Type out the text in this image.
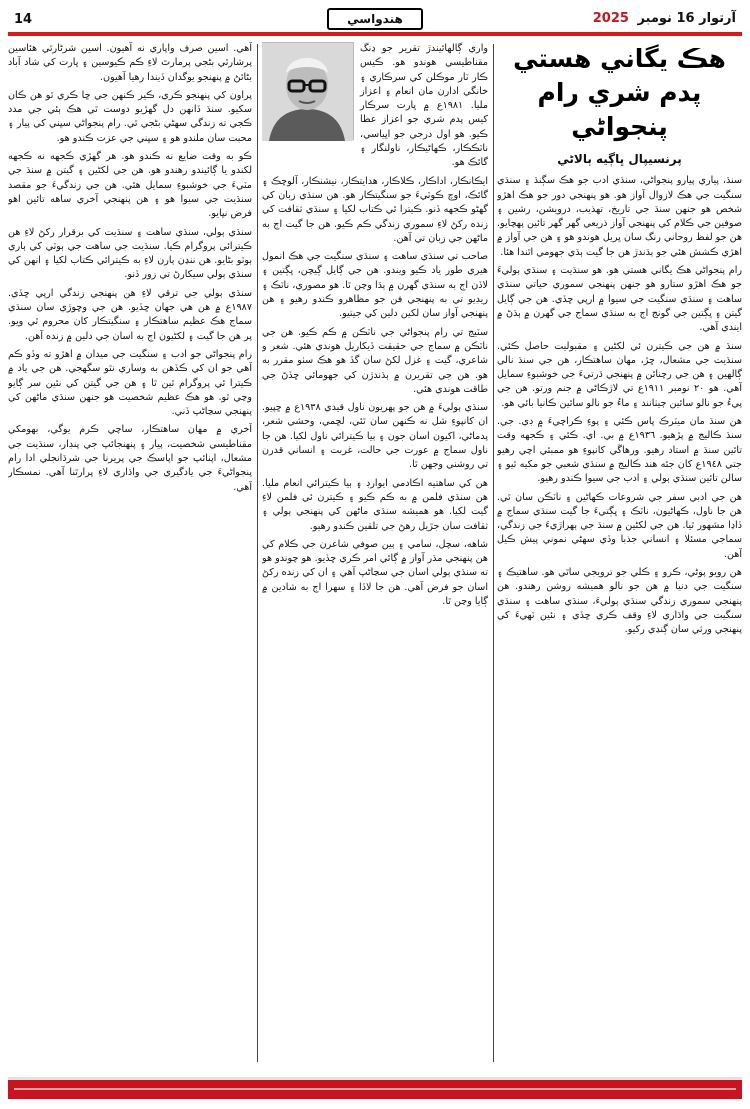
14	هندواسي	آرتوار 16 نومبر 2025
هڪ يگاني هستي پدم شري رام پنجواڻي
پرنسيپال ڀاڳيه ٻالاڻي

سنڌ، پياري پيارو پنجواڻي، سنڌي ادب جو هڪ سڳنڌ ۽ سنڌي سنگيت جي هڪ لازوال آواز هو. هو پنهنجي دور جو هڪ اهڙو شخص هو جنهن سنڌ جي تاريخ، تهذيب، درويشن، رشين ۽ صوفين جي ڪلام کي پنهنجي آواز ذريعي گهر گهر تائين پهچايو. هن جو لفظ روحاني رنگ سان ڀريل هوندو هو ۽ هن جي آواز ۾ اهڙي ڪشش هئي جو ٻڌندڙ هن جا گيت ٻڌي جهومي اٿندا هئا.

رام پنجواڻي هڪ يگاني هستي هو. هو سنڌيت ۽ سنڌي ٻوليءَ جو هڪ اهڙو ستارو هو جنهن پنهنجي سموري حياتي سنڌي ساهت ۽ سنڌي سنگيت جي سيوا ۾ ارپي ڇڏي. هن جي ڳايل گيتن ۽ ڀڳتين جي گونج اڄ به سنڌي سماج جي گهرن ۾ ٻڌڻ ۾ ايندي آهي.

سنڌ ۾ هن جي ڪيترن ئي لکڻين ۽ مقبوليت حاصل ڪئي. سنڌيت جي مشعال، ڇڙ، مهان ساهتڪار، هن جي سنڌ نالي ڳالهين ۽ هن جي رچنائن ۾ پنهنجي ڌرتيءَ جي خوشبوءِ سمايل آهي. هو ٢٠ نومبر ١٩١١ع تي لاڙڪاڻي ۾ جنم ورتو. هن جي پيءُ جو نالو سائين ڄيٺانند ۽ ماءُ جو نالو سائين ڪانيا بائي هو.

هن سنڌ مان ميٽرڪ پاس ڪئي ۽ پوءِ ڪراچيءَ ۾ ڊي. جي. سنڌ ڪاليج ۾ پڙهيو. ١٩٣٦ع ۾ بي. اي. ڪئي ۽ ڪجهه وقت تائين سنڌ ۾ استاد رهيو. ورهاڱي کانپوءِ هو ممبئي اچي رهيو جتي ١٩٤٨ع کان جئه هند ڪاليج ۾ سنڌي شعبي جو مکيه ٿيو ۽ سالن تائين سنڌي ٻولي ۽ ادب جي سيوا ڪندو رهيو.

هن جي ادبي سفر جي شروعات ڪهاڻين ۽ ناٽڪن سان ٿي. هن جا ناول، ڪهاڻيون، ناٽڪ ۽ ڀڳتيءَ جا گيت سنڌي سماج ۾ ڏاڍا مشهور ٿيا. هن جي لکڻين ۾ سنڌ جي ٻهراڙيءَ جي زندگي، سماجي مسئلا ۽ انساني جذبا وڏي سهڻي نموني پيش ڪيل آهن.

هن رويو پوڻي، ڪرو ۽ ڪلي جو ترويجي ساٿي هو. ساهتيڪ ۽ سنگيت جي دنيا ۾ هن جو نالو هميشه روشن رهندو. هن پنهنجي سموري زندگي سنڌي ٻوليءَ، سنڌي ساهت ۽ سنڌي سنگيت جي واڌاري لاءِ وقف ڪري ڇڏي ۽ نئين ٽهيءَ کي پنهنجي ورثي سان ڳنڍي رکيو.

واري ڳالهائيندڙ تقرير جو ڍنگ مقناطيسي هوندو هو. ڪيس ڪار ٽار موڪلن کي سرڪاري ۽ خانگي ادارن مان انعام ۽ اعزاز مليا. ١٩٨١ع ۾ ڀارت سرڪار کيس پدم شري جو اعزاز عطا ڪيو. هو اول درجي جو اڀياسي، ناٽڪڪار، ڪهاڻيڪار، ناولنگار ۽ گائڪ هو.

ايڪانڪار، اداڪار، ڪلاڪار، هدايتڪار، نيشنڪار، آلوچڪ ۽ گائڪ، اوچ ڪوٽيءَ جو سنگيتڪار هو. هن سنڌي زبان کي گهڻو ڪجهه ڏنو. ڪيترا ئي ڪتاب لکيا ۽ سنڌي ثقافت کي زنده رکڻ لاءِ سموري زندگي ڪم ڪيو. هن جا گيت اڄ به ماڻهن جي زبان تي آهن.

صاحب تي سنڌي ساهت ۽ سنڌي سنگيت جي هڪ انمول هيري طور ياد ڪيو ويندو. هن جي ڳايل ڳيچن، ڀڳتين ۽ لاڏن اڄ به سنڌي گهرن ۾ ٻڌا وڃن ٿا. هو مصوري، ناٽڪ ۽ ريڊيو تي به پنهنجي فن جو مظاهرو ڪندو رهيو ۽ هن پنهنجي آواز سان لکين دلين کي جيتيو.

سٽيج تي رام پنجواڻي جي ناٽڪن ۾ ڪم ڪيو. هن جي ناٽڪن ۾ سماج جي حقيقت ڏيکاريل هوندي هئي. شعر و شاعري، گيت ۽ غزل لکڻ سان گڏ هو هڪ سٺو مقرر به هو. هن جي تقريرن ۾ ٻڌندڙن کي جهومائي ڇڏڻ جي طاقت هوندي هئي.

سنڌي ٻوليءَ ۾ هن جو پهريون ناول قيدي ١٩٣٨ع ۾ ڇپيو. ان کانپوءِ شل نه ڪنهن سان ٿئي، لڇمي، وحشي شعر، پدماڻي، اکيون اسان جون ۽ ٻيا ڪيترائي ناول لکيا. هن جا ناول سماج ۾ عورت جي حالت، غربت ۽ انساني قدرن تي روشني وجهن ٿا.

هن کي ساهتيه اڪادمي ايوارڊ ۽ ٻيا ڪيترائي انعام مليا. هن سنڌي فلمن ۾ به ڪم ڪيو ۽ ڪيترن ئي فلمن لاءِ گيت لکيا. هو هميشه سنڌي ماڻهن کي پنهنجي ٻولي ۽ ثقافت سان جڙيل رهڻ جي تلقين ڪندو رهيو.

شاهه، سچل، سامي ۽ ٻين صوفي شاعرن جي ڪلام کي هن پنهنجي مڌر آواز ۾ ڳائي امر ڪري ڇڏيو. هو چوندو هو ته سنڌي ٻولي اسان جي سڃاڻپ آهي ۽ ان کي زنده رکڻ اسان جو فرض آهي. هن جا لاڏا ۽ سهرا اڄ به شادين ۾ ڳايا وڃن ٿا.

آهي. اسين صرف واپاري نه آهيون. اسين شرڻارٿي هئاسين پرشارٿي بڻجي پرمارٿ لاءِ ڪم ڪيوسين ۽ ڀارت کي شاد آباد بڻائڻ ۾ پنهنجو يوگدان ڏيندا رهيا آهيون.

پراون کي پنهنجو ڪري، ڪير ڪنهن جي ڇا ڪري ٿو هن ڪان سکيو. سنڌ ڏانهن دل گهڙيو دوست ٿي هڪ ٻئي جي مدد ڪجي ته زندگي سهڻي بڻجي ٿي. رام پنجواڻي سڀني کي پيار ۽ محبت سان ملندو هو ۽ سڀني جي عزت ڪندو هو.

ڪو به وقت ضايع نه ڪندو هو. هر گهڙي ڪجهه نه ڪجهه لکندو يا ڳائيندو رهندو هو. هن جي لکڻين ۽ گيتن ۾ سنڌ جي مٽيءَ جي خوشبوءِ سمايل هئي. هن جي زندگيءَ جو مقصد سنڌيت جي سيوا هو ۽ هن پنهنجي آخري ساهه تائين اهو فرض نڀايو.

سنڌي ٻولي، سنڌي ساهت ۽ سنڌيت کي برقرار رکڻ لاءِ هن ڪيترائي پروگرام ڪيا. سنڌيت جي ساهت جي ٻوٽي کي ٻاري ٻوٽو بڻايو. هن ننڍن ٻارن لاءِ به ڪيترائي ڪتاب لکيا ۽ انهن کي سنڌي ٻولي سيکارڻ تي زور ڏنو.

سنڌي ٻولي جي ترقي لاءِ هن پنهنجي زندگي ارپي ڇڏي. ١٩٨٧ع ۾ هن هي جهان ڇڏيو. هن جي وڇوڙي سان سنڌي سماج هڪ عظيم ساهتڪار ۽ سنگيتڪار کان محروم ٿي ويو. پر هن جا گيت ۽ لکڻيون اڄ به اسان جي دلين ۾ زنده آهن.

رام پنجواڻي جو ادب ۽ سنگيت جي ميدان ۾ اهڙو ته وڏو ڪم آهي جو ان کي ڪڏهن به وساري نٿو سگهجي. هن جي ياد ۾ ڪيترا ئي پروگرام ٿين ٿا ۽ هن جي گيتن کي نئين سر ڳايو وڃي ٿو. هو هڪ عظيم شخصيت هو جنهن سنڌي ماڻهن کي پنهنجي سڃاڻپ ڏني.

آخري ۾ مهان ساهتڪار، ساچي ڪرم يوگي، بهومکي مقناطيسي شخصيت، پيار ۽ پنهنجائپ جي پنڊار، سنڌيت جي مشعال، اپنائپ جو اپاسڪ جي پريرنا جي شرڌانجلي ادا رام پنجواڻيءَ جي يادگيري جي واڌاري لاءِ پرارٿنا آهي. نمسڪار آهي.
